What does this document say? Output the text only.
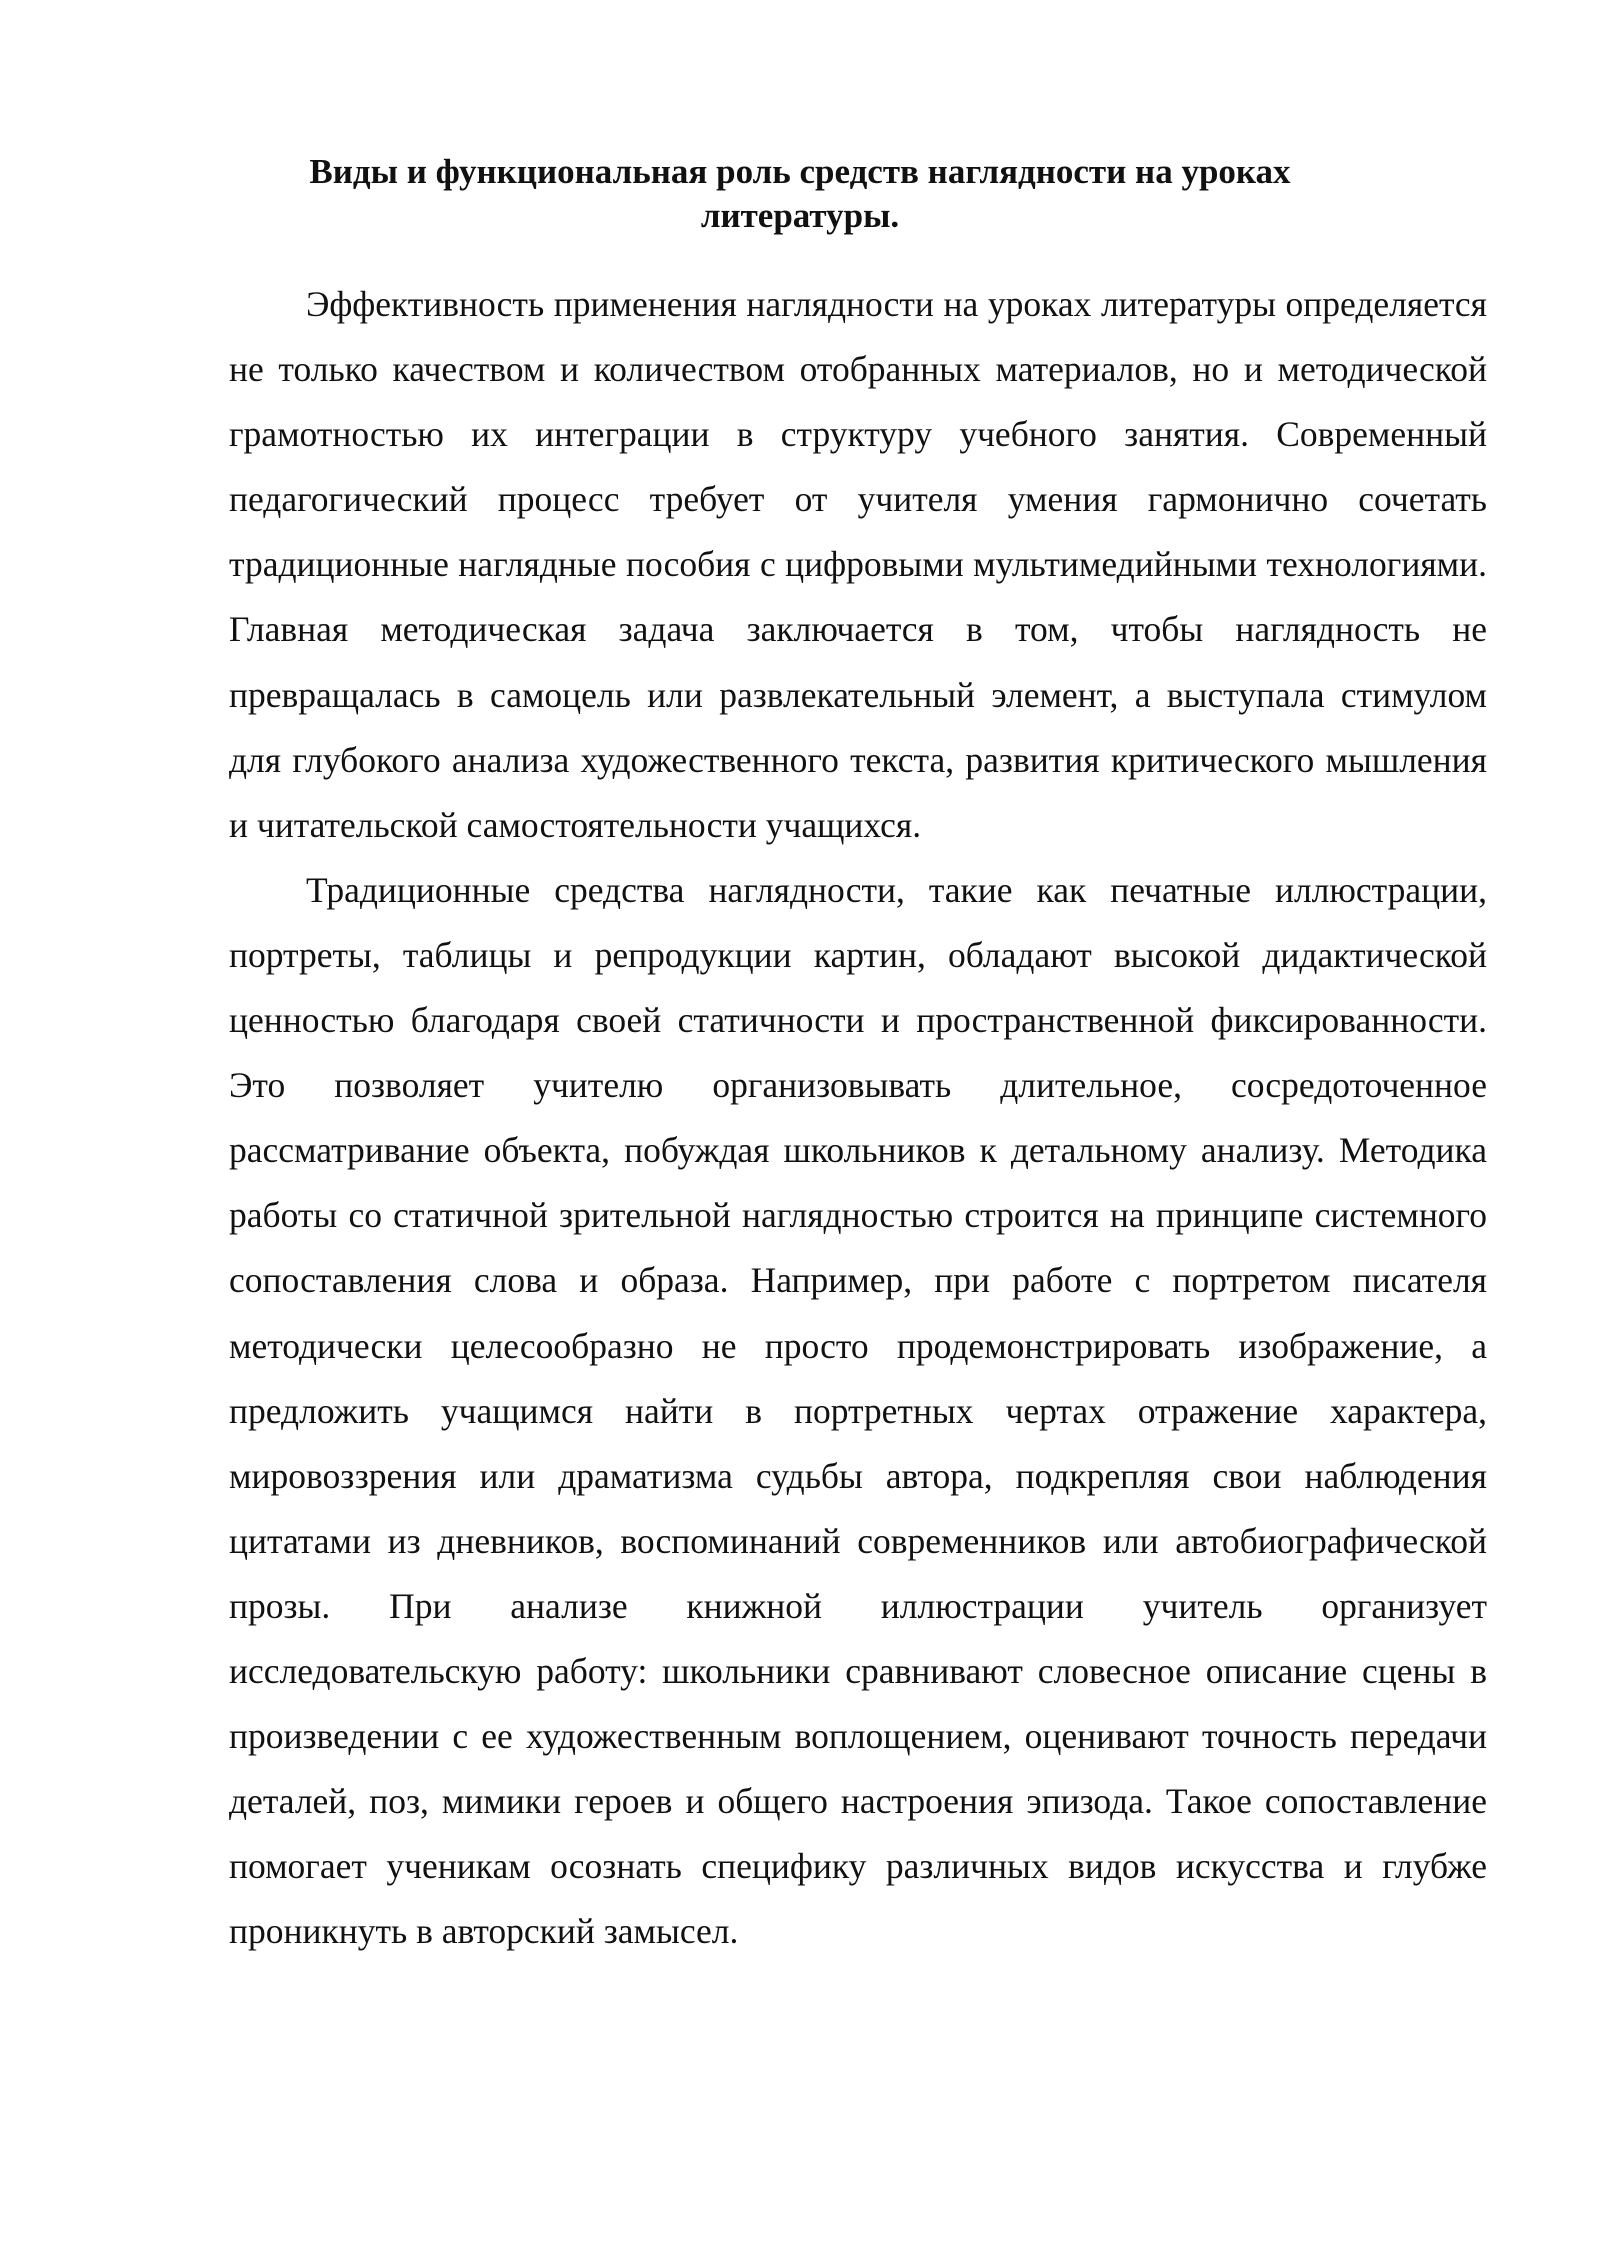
Виды и функциональная роль средств наглядности на уроках литературы.

Эффективность применения наглядности на уроках литературы определяется не только качеством и количеством отобранных материалов, но и методической грамотностью их интеграции в структуру учебного занятия. Современный педагогический процесс требует от учителя умения гармонично сочетать традиционные наглядные пособия с цифровыми мультимедийными технологиями. Главная методическая задача заключается в том, чтобы наглядность не превращалась в самоцель или развлекательный элемент, а выступала стимулом для глубокого анализа художественного текста, развития критического мышления и читательской самостоятельности учащихся.

Традиционные средства наглядности, такие как печатные иллюстрации, портреты, таблицы и репродукции картин, обладают высокой дидактической ценностью благодаря своей статичности и пространственной фиксированности. Это позволяет учителю организовывать длительное, сосредоточенное рассматривание объекта, побуждая школьников к детальному анализу. Методика работы со статичной зрительной наглядностью строится на принципе системного сопоставления слова и образа. Например, при работе с портретом писателя методически целесообразно не просто продемонстрировать изображение, а предложить учащимся найти в портретных чертах отражение характера, мировоззрения или драматизма судьбы автора, подкрепляя свои наблюдения цитатами из дневников, воспоминаний современников или автобиографической прозы. При анализе книжной иллюстрации учитель организует исследовательскую работу: школьники сравнивают словесное описание сцены в произведении с ее художественным воплощением, оценивают точность передачи деталей, поз, мимики героев и общего настроения эпизода. Такое сопоставление помогает ученикам осознать специфику различных видов искусства и глубже проникнуть в авторский замысел.
